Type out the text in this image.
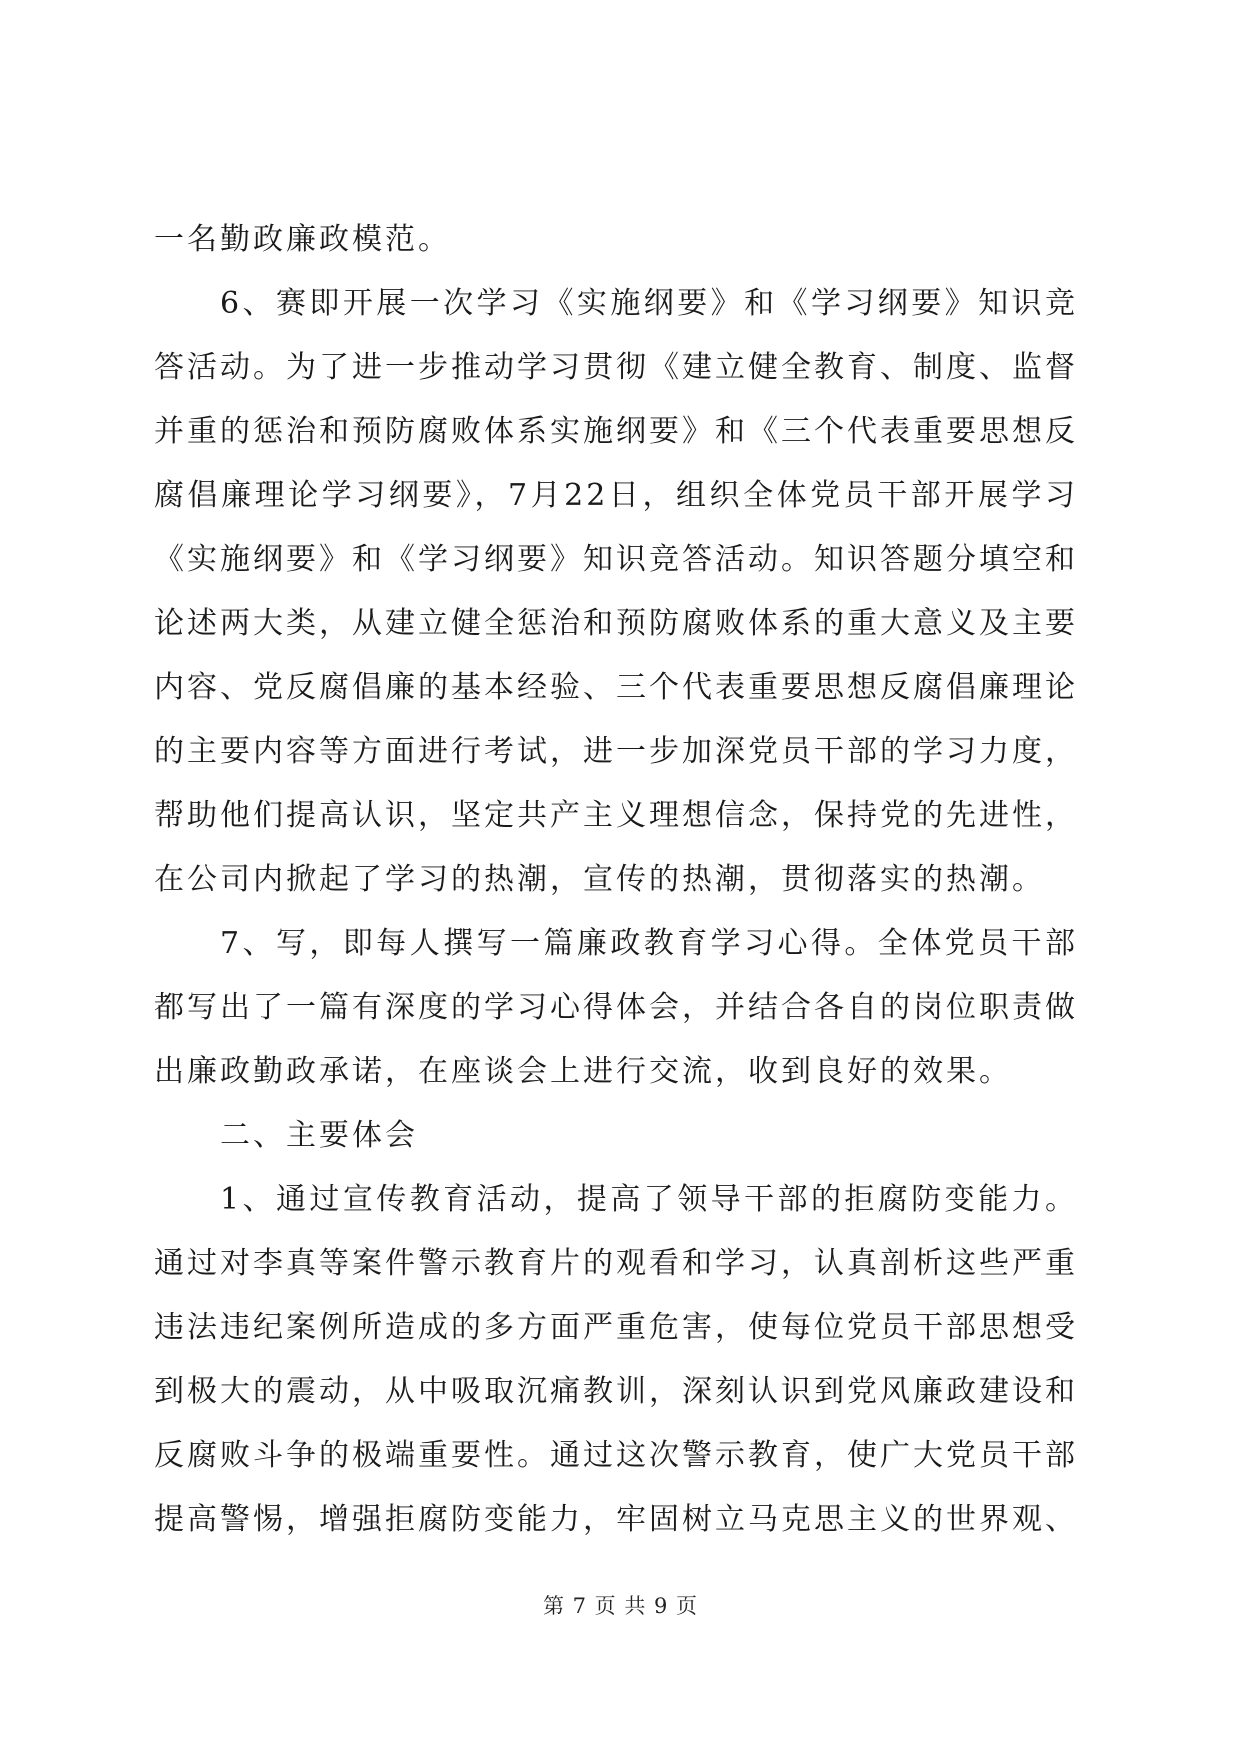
一名勤政廉政模范。

6、赛即开展一次学习《实施纲要》和《学习纲要》知识竞答活动。为了进一步推动学习贯彻《建立健全教育、制度、监督并重的惩治和预防腐败体系实施纲要》和《三个代表重要思想反腐倡廉理论学习纲要》，7月22日，组织全体党员干部开展学习《实施纲要》和《学习纲要》知识竞答活动。知识答题分填空和论述两大类，从建立健全惩治和预防腐败体系的重大意义及主要内容、党反腐倡廉的基本经验、三个代表重要思想反腐倡廉理论的主要内容等方面进行考试，进一步加深党员干部的学习力度，帮助他们提高认识，坚定共产主义理想信念，保持党的先进性，在公司内掀起了学习的热潮，宣传的热潮，贯彻落实的热潮。

7、写，即每人撰写一篇廉政教育学习心得。全体党员干部都写出了一篇有深度的学习心得体会，并结合各自的岗位职责做出廉政勤政承诺，在座谈会上进行交流，收到良好的效果。

二、主要体会

1、通过宣传教育活动，提高了领导干部的拒腐防变能力。通过对李真等案件警示教育片的观看和学习，认真剖析这些严重违法违纪案例所造成的多方面严重危害，使每位党员干部思想受到极大的震动，从中吸取沉痛教训，深刻认识到党风廉政建设和反腐败斗争的极端重要性。通过这次警示教育，使广大党员干部提高警惕，增强拒腐防变能力，牢固树立马克思主义的世界观、

第 7 页 共 9 页
